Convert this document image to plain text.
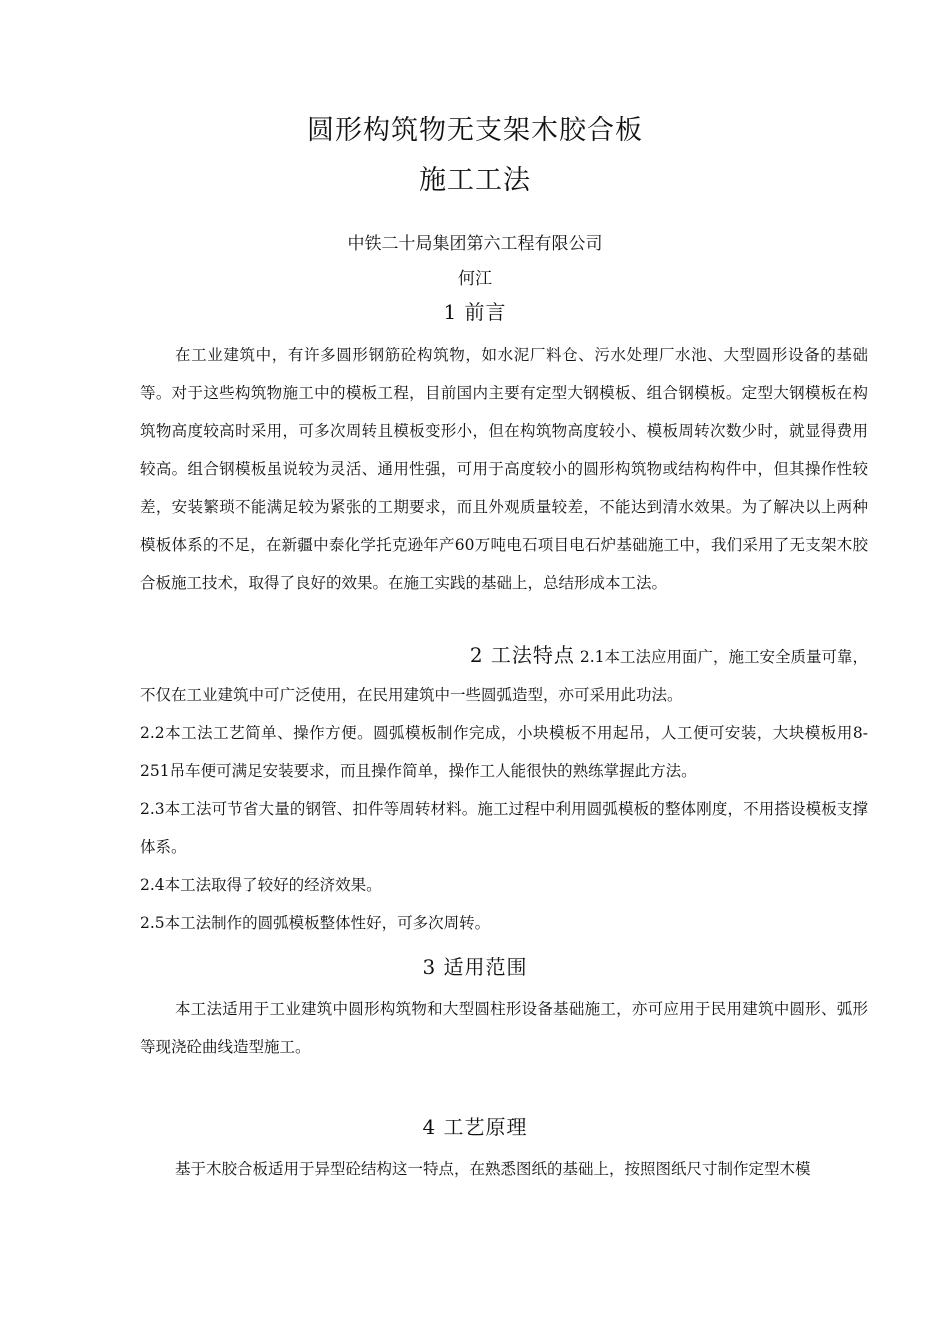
圆形构筑物无支架木胶合板
施工工法
中铁二十局集团第六工程有限公司
何江
1 前言
在工业建筑中，有许多圆形钢筋砼构筑物，如水泥厂料仓、污水处理厂水池、大型圆形设备的基础等。对于这些构筑物施工中的模板工程，目前国内主要有定型大钢模板、组合钢模板。定型大钢模板在构筑物高度较高时采用，可多次周转且模板变形小，但在构筑物高度较小、模板周转次数少时，就显得费用较高。组合钢模板虽说较为灵活、通用性强，可用于高度较小的圆形构筑物或结构构件中，但其操作性较差，安装繁琐不能满足较为紧张的工期要求，而且外观质量较差，不能达到清水效果。为了解决以上两种模板体系的不足，在新疆中泰化学托克逊年产60万吨电石项目电石炉基础施工中，我们采用了无支架木胶合板施工技术，取得了良好的效果。在施工实践的基础上，总结形成本工法。
2 工法特点 2.1本工法应用面广，施工安全质量可靠，
不仅在工业建筑中可广泛使用，在民用建筑中一些圆弧造型，亦可采用此功法。
2.2本工法工艺简单、操作方便。圆弧模板制作完成，小块模板不用起吊，人工便可安装，大块模板用8-251吊车便可满足安装要求，而且操作简单，操作工人能很快的熟练掌握此方法。
2.3本工法可节省大量的钢管、扣件等周转材料。施工过程中利用圆弧模板的整体刚度，不用搭设模板支撑体系。
2.4本工法取得了较好的经济效果。
2.5本工法制作的圆弧模板整体性好，可多次周转。
3 适用范围
本工法适用于工业建筑中圆形构筑物和大型圆柱形设备基础施工，亦可应用于民用建筑中圆形、弧形等现浇砼曲线造型施工。
4 工艺原理
基于木胶合板适用于异型砼结构这一特点，在熟悉图纸的基础上，按照图纸尺寸制作定型木模
